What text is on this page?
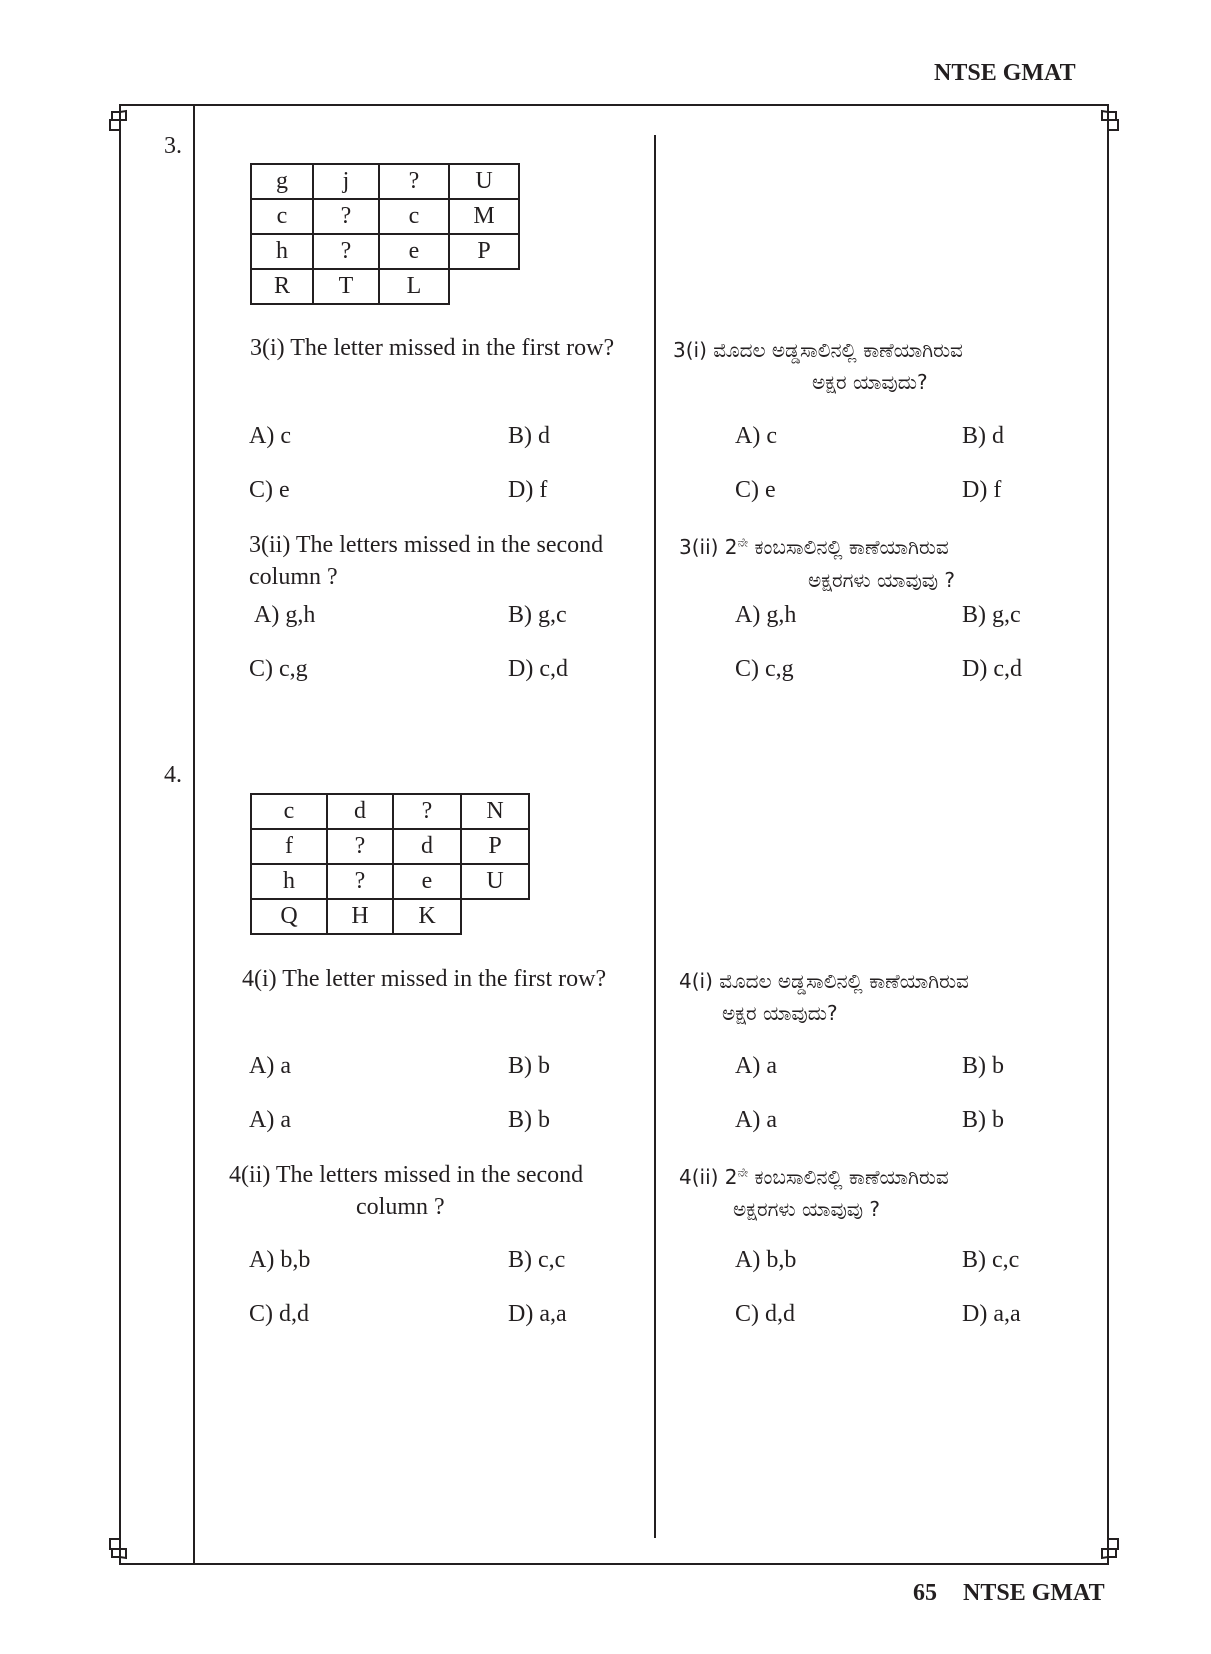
NTSE GMAT
3.
g	j	?	U
c	?	c	M
h	?	e	P
R	T	L	
3(i) The letter missed in the first row?	3(i) ಮೊದಲ ಅಡ್ಡಸಾಲಿನಲ್ಲಿ ಕಾಣೆಯಾಗಿರುವ
ಅಕ್ಷರ ಯಾವುದು?
A) c	B) d
C) e	D) f
A) c	B) d
C) e	D) f
3(ii) The letters missed in the second
column ?
3(ii) $2^{ನೇ}$ ಕಂಬಸಾಲಿನಲ್ಲಿ ಕಾಣೆಯಾಗಿರುವ
ಅಕ್ಷರಗಳು ಯಾವುವು ?
A) g,h	B) g,c
C) c,g	D) c,d
A) g,h	B) g,c
C) c,g	D) c,d
4.
c	d	?	N
f	?	d	P
h	?	e	U
Q	H	K	
4(i) The letter missed in the first row?	4(i) ಮೊದಲ ಅಡ್ಡಸಾಲಿನಲ್ಲಿ ಕಾಣೆಯಾಗಿರುವ
ಅಕ್ಷರ ಯಾವುದು?
A) a	B) b
A) a	B) b
A) a	B) b
A) a	B) b
4(ii) The letters missed in the second
column ?
4(ii) $2^{ನೇ}$ ಕಂಬಸಾಲಿನಲ್ಲಿ ಕಾಣೆಯಾಗಿರುವ
ಅಕ್ಷರಗಳು ಯಾವುವು ?
A) b,b	B) c,c
C) d,d	D) a,a
A) b,b	B) c,c
C) d,d	D) a,a
65 NTSE GMAT
